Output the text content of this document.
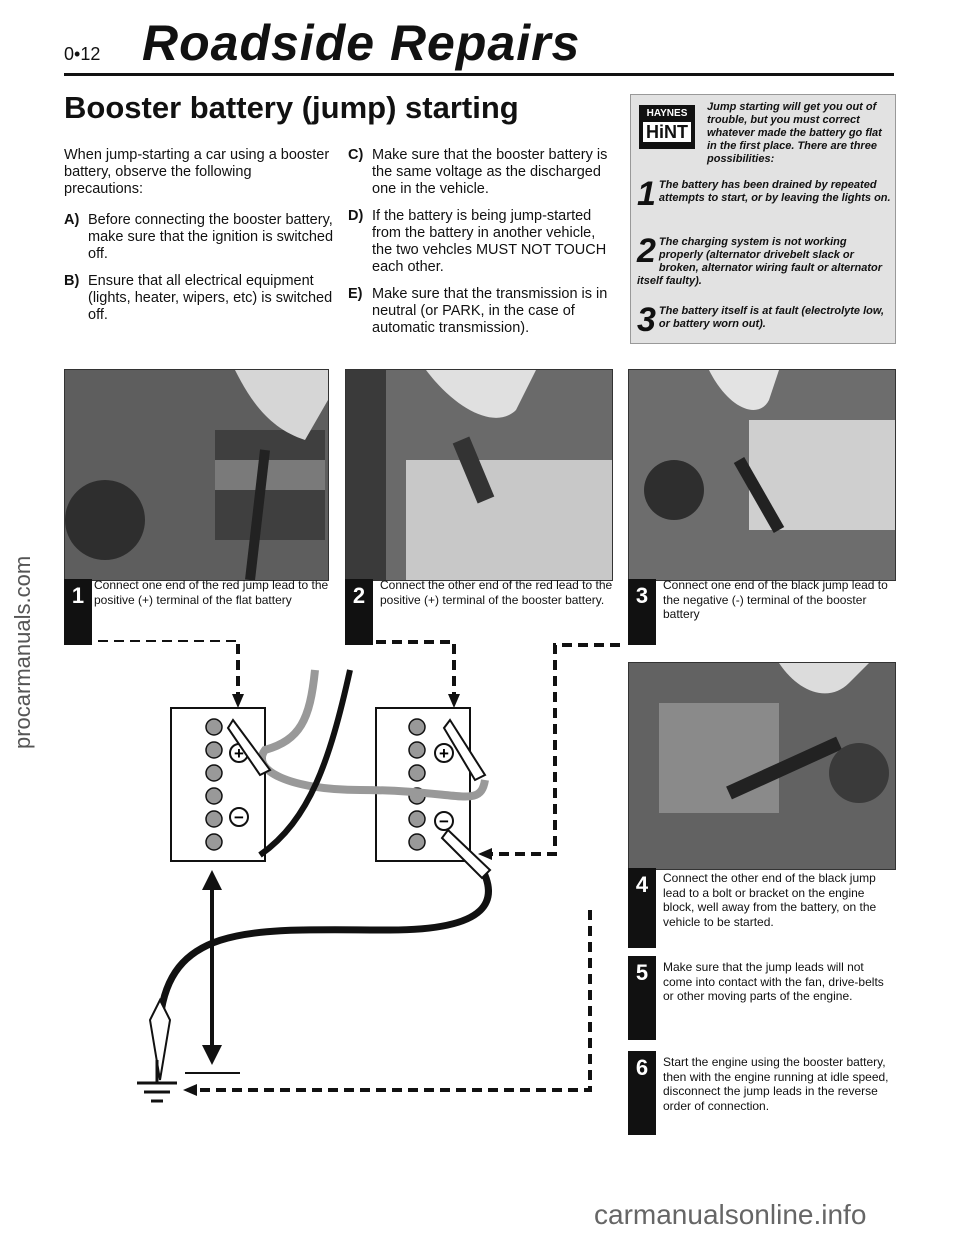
0•12 Roadside Repairs
Booster battery (jump) starting
When jump-starting a car using a booster battery, observe the following precautions:
A) Before connecting the booster battery, make sure that the ignition is switched off.
B) Ensure that all electrical equipment (lights, heater, wipers, etc) is switched off.
C) Make sure that the booster battery is the same voltage as the discharged one in the vehicle.
D) If the battery is being jump-started from the battery in another vehicle, the two vehcles MUST NOT TOUCH each other.
E) Make sure that the transmission is in neutral (or PARK, in the case of automatic transmission).
HAYNES
HiNT
Jump starting will get you out of trouble, but you must correct whatever made the battery go flat in the first place. There are three possibilities:
1 The battery has been drained by repeated attempts to start, or by leaving the lights on.
2 The charging system is not working properly (alternator drivebelt slack or broken, alternator wiring fault or alternator itself faulty).
3 The battery itself is at fault (electrolyte low, or battery worn out).
1 Connect one end of the red jump lead to the positive (+) terminal of the flat battery	2	Connect the other end of the red lead to the positive (+) terminal of the booster battery.	3	Connect one end of the black jump lead to the negative (-) terminal of the booster battery
4	Connect the other end of the black jump lead to a bolt or bracket on the engine block, well away from the battery, on the vehicle to be started.
5	Make sure that the jump leads will not come into contact with the fan, drive-belts or other moving parts of the engine.
6	Start the engine using the booster battery, then with the engine running at idle speed, disconnect the jump leads in the reverse order of connection.
+
−
+
−
procarmanuals.com
carmanualsonline.info
